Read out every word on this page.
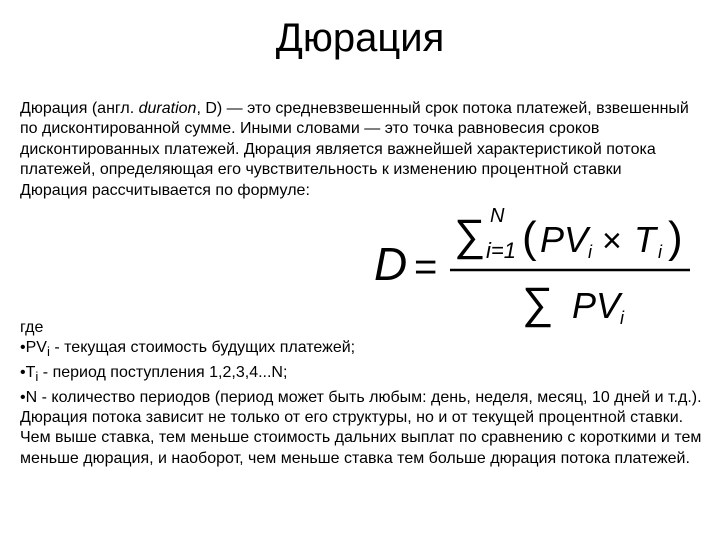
Дюрация

Дюрация (англ. duration, D) — это средневзвешенный срок потока платежей, взвешенный по дисконтированной сумме. Иными словами — это точка равновесия сроков дисконтированных платежей. Дюрация является важнейшей характеристикой потока платежей, определяющая его чувствительность к изменению процентной ставки

Дюрация рассчитывается по формуле:

D =
∑ N
i=1 ( PV i × T i )
∑ PV i

где

$•PV_i$ - текущая стоимость будущих платежей;

$•T_i$ - период поступления 1,2,3,4...N;

•N - количество периодов (период может быть любым: день, неделя, месяц, 10 дней и т.д.).

Дюрация потока зависит не только от его структуры, но и от текущей процентной ставки. Чем выше ставка, тем меньше стоимость дальних выплат по сравнению с короткими и тем меньше дюрация, и наоборот, чем меньше ставка тем больше дюрация потока платежей.
